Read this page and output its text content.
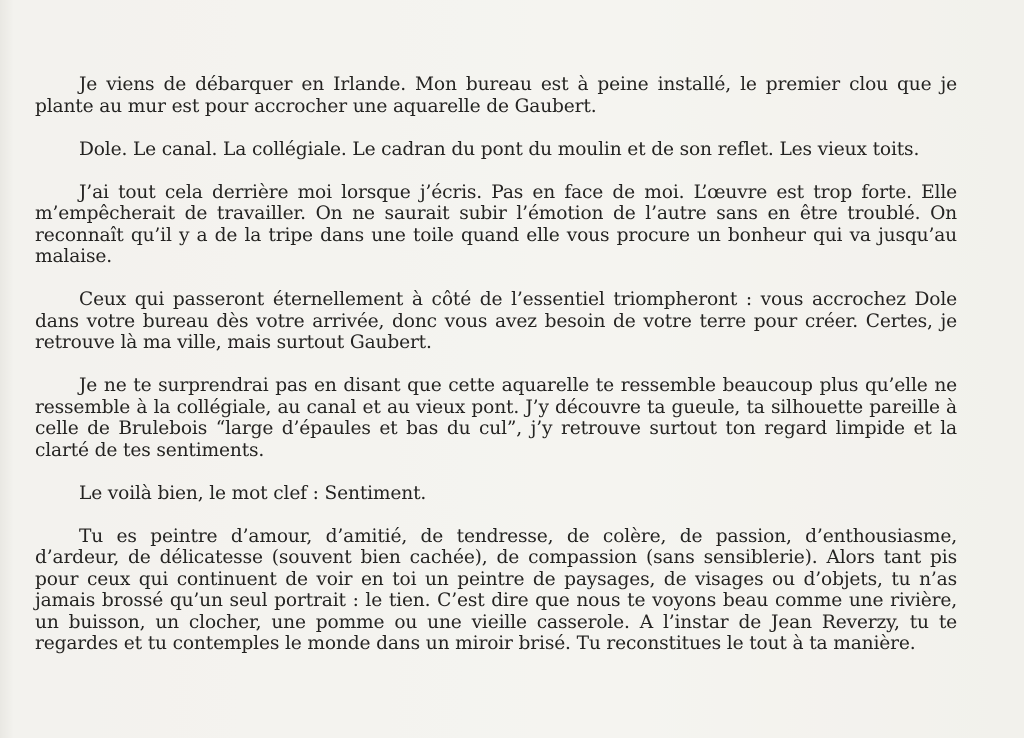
Je viens de débarquer en Irlande. Mon bureau est à peine installé, le premier clou que je plante au mur est pour accrocher une aquarelle de Gaubert.

Dole. Le canal. La collégiale. Le cadran du pont du moulin et de son reflet. Les vieux toits.

J’ai tout cela derrière moi lorsque j’écris. Pas en face de moi. L’œuvre est trop forte. Elle m’empêcherait de travailler. On ne saurait subir l’émotion de l’autre sans en être troublé. On reconnaît qu’il y a de la tripe dans une toile quand elle vous procure un bonheur qui va jusqu’au malaise.

Ceux qui passeront éternellement à côté de l’essentiel triompheront : vous accrochez Dole dans votre bureau dès votre arrivée, donc vous avez besoin de votre terre pour créer. Certes, je retrouve là ma ville, mais surtout Gaubert.

Je ne te surprendrai pas en disant que cette aquarelle te ressemble beaucoup plus qu’elle ne ressemble à la collégiale, au canal et au vieux pont. J’y découvre ta gueule, ta silhouette pareille à celle de Brulebois “large d’épaules et bas du cul”, j’y retrouve surtout ton regard limpide et la clarté de tes sentiments.

Le voilà bien, le mot clef : Sentiment.

Tu es peintre d’amour, d’amitié, de tendresse, de colère, de passion, d’enthousiasme, d’ardeur, de délicatesse (souvent bien cachée), de compassion (sans sensiblerie). Alors tant pis pour ceux qui continuent de voir en toi un peintre de paysages, de visages ou d’objets, tu n’as jamais brossé qu’un seul portrait : le tien. C’est dire que nous te voyons beau comme une rivière, un buisson, un clocher, une pomme ou une vieille casserole. A l’instar de Jean Reverzy, tu te regardes et tu contemples le monde dans un miroir brisé. Tu reconstitues le tout à ta manière.
